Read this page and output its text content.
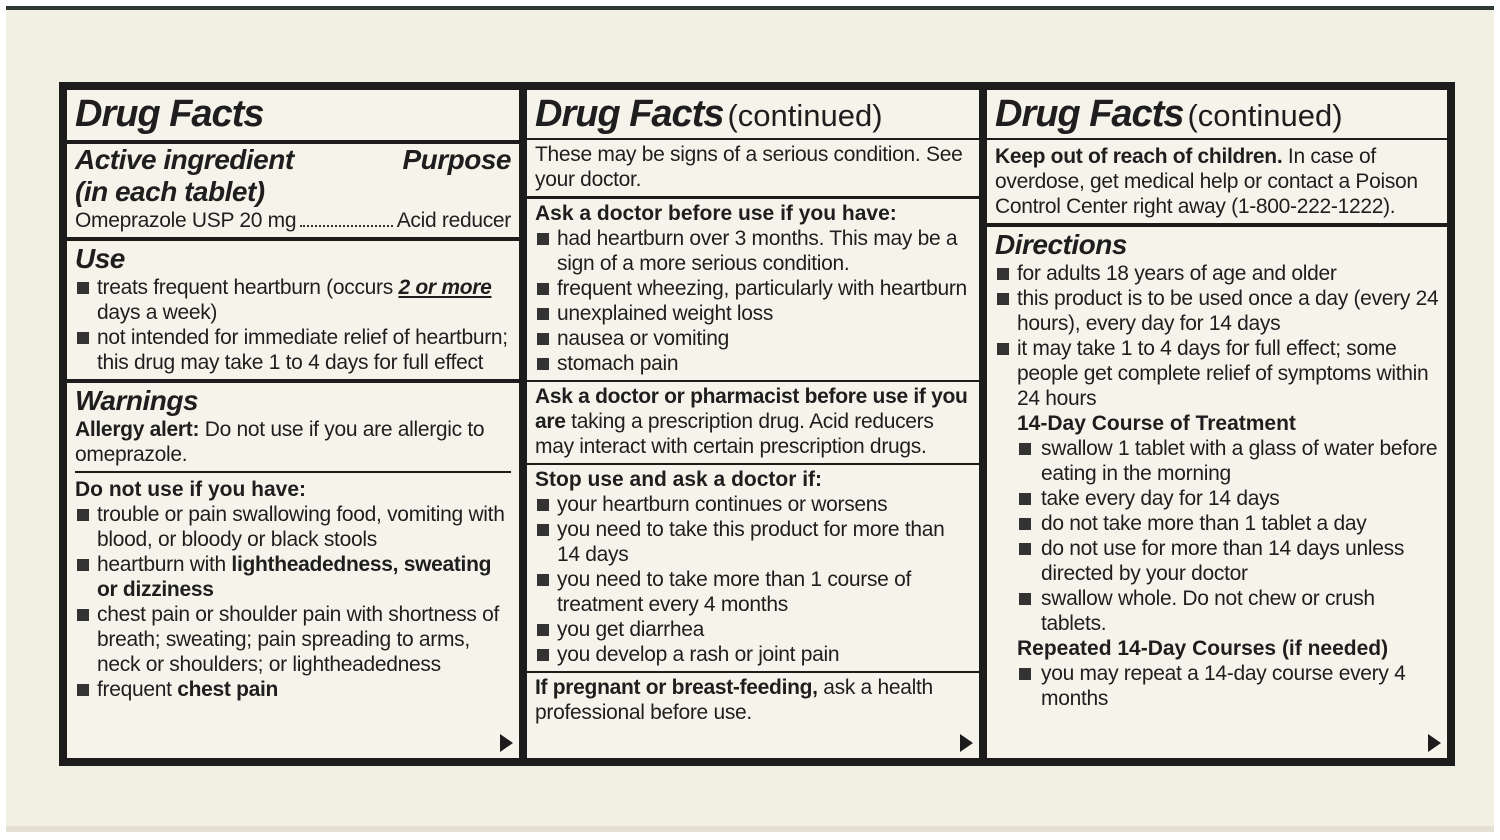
Drug Facts
Active ingredient	Purpose
(in each tablet)
Omeprazole USP 20 mg	Acid reducer
Use
treats frequent heartburn (occurs 2 or more days a week)
not intended for immediate relief of heartburn; this drug may take 1 to 4 days for full effect
Warnings
Allergy alert: Do not use if you are allergic to omeprazole.
Do not use if you have:
trouble or pain swallowing food, vomiting with blood, or bloody or black stools
heartburn with lightheadedness, sweating or dizziness
chest pain or shoulder pain with shortness of breath; sweating; pain spreading to arms, neck or shoulders; or lightheadedness
frequent chest pain
Drug Facts (continued)
These may be signs of a serious condition. See your doctor.
Ask a doctor before use if you have:
had heartburn over 3 months. This may be a sign of a more serious condition.
frequent wheezing, particularly with heartburn
unexplained weight loss
nausea or vomiting
stomach pain
Ask a doctor or pharmacist before use if you are taking a prescription drug. Acid reducers may interact with certain prescription drugs.
Stop use and ask a doctor if:
your heartburn continues or worsens
you need to take this product for more than 14 days
you need to take more than 1 course of treatment every 4 months
you get diarrhea
you develop a rash or joint pain
If pregnant or breast-feeding, ask a health professional before use.
Drug Facts (continued)
Keep out of reach of children. In case of overdose, get medical help or contact a Poison Control Center right away (1-800-222-1222).
Directions
for adults 18 years of age and older
this product is to be used once a day (every 24 hours), every day for 14 days
it may take 1 to 4 days for full effect; some people get complete relief of symptoms within 24 hours
14-Day Course of Treatment
swallow 1 tablet with a glass of water before eating in the morning
take every day for 14 days
do not take more than 1 tablet a day
do not use for more than 14 days unless directed by your doctor
swallow whole. Do not chew or crush tablets.
Repeated 14-Day Courses (if needed)
you may repeat a 14-day course every 4 months
